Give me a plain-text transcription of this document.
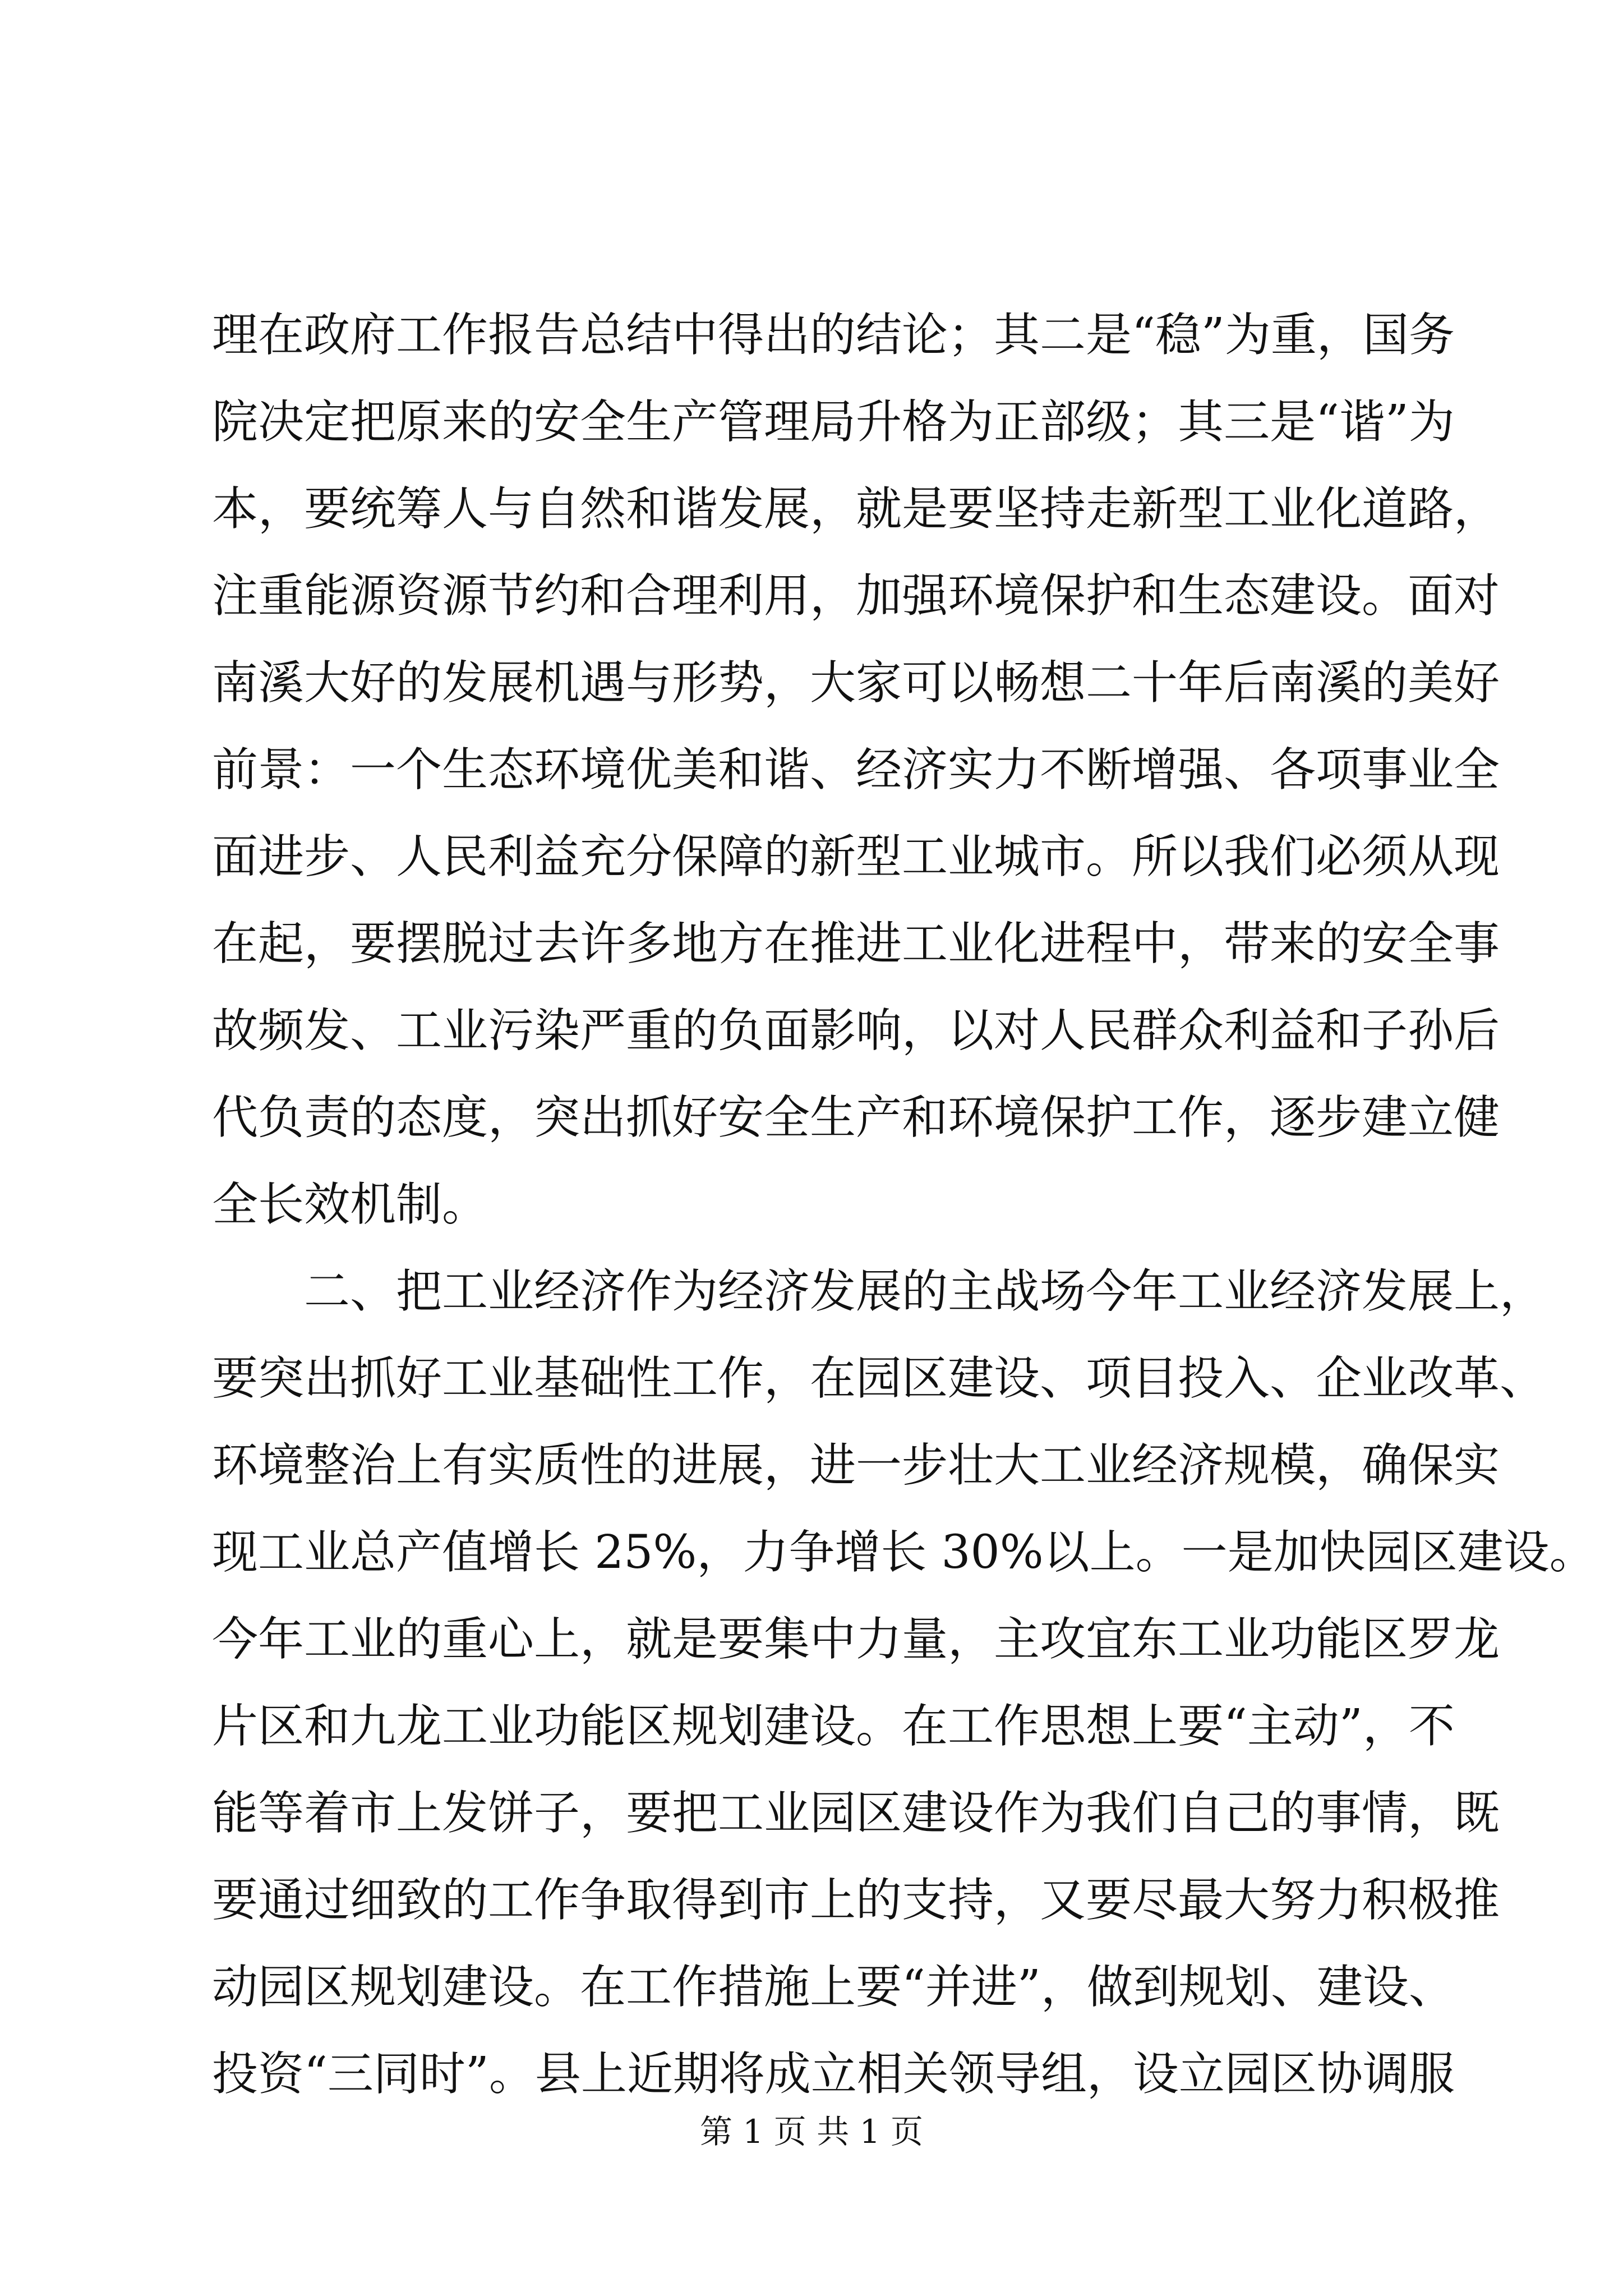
理在政府工作报告总结中得出的结论；其二是“稳”为重，国务
院决定把原来的安全生产管理局升格为正部级；其三是“谐”为
本，要统筹人与自然和谐发展，就是要坚持走新型工业化道路，
注重能源资源节约和合理利用，加强环境保护和生态建设。面对
南溪大好的发展机遇与形势，大家可以畅想二十年后南溪的美好
前景：一个生态环境优美和谐、经济实力不断增强、各项事业全
面进步、人民利益充分保障的新型工业城市。所以我们必须从现
在起，要摆脱过去许多地方在推进工业化进程中，带来的安全事
故频发、工业污染严重的负面影响，以对人民群众利益和子孙后
代负责的态度，突出抓好安全生产和环境保护工作，逐步建立健
全长效机制。
二、把工业经济作为经济发展的主战场今年工业经济发展上，
要突出抓好工业基础性工作，在园区建设、项目投入、企业改革、
环境整治上有实质性的进展，进一步壮大工业经济规模，确保实
现工业总产值增长 25%，力争增长 30%以上。一是加快园区建设。
今年工业的重心上，就是要集中力量，主攻宜东工业功能区罗龙
片区和九龙工业功能区规划建设。在工作思想上要“主动”，不
能等着市上发饼子，要把工业园区建设作为我们自己的事情，既
要通过细致的工作争取得到市上的支持，又要尽最大努力积极推
动园区规划建设。在工作措施上要“并进”，做到规划、建设、
投资“三同时”。县上近期将成立相关领导组，设立园区协调服
第 1 页 共 1 页
